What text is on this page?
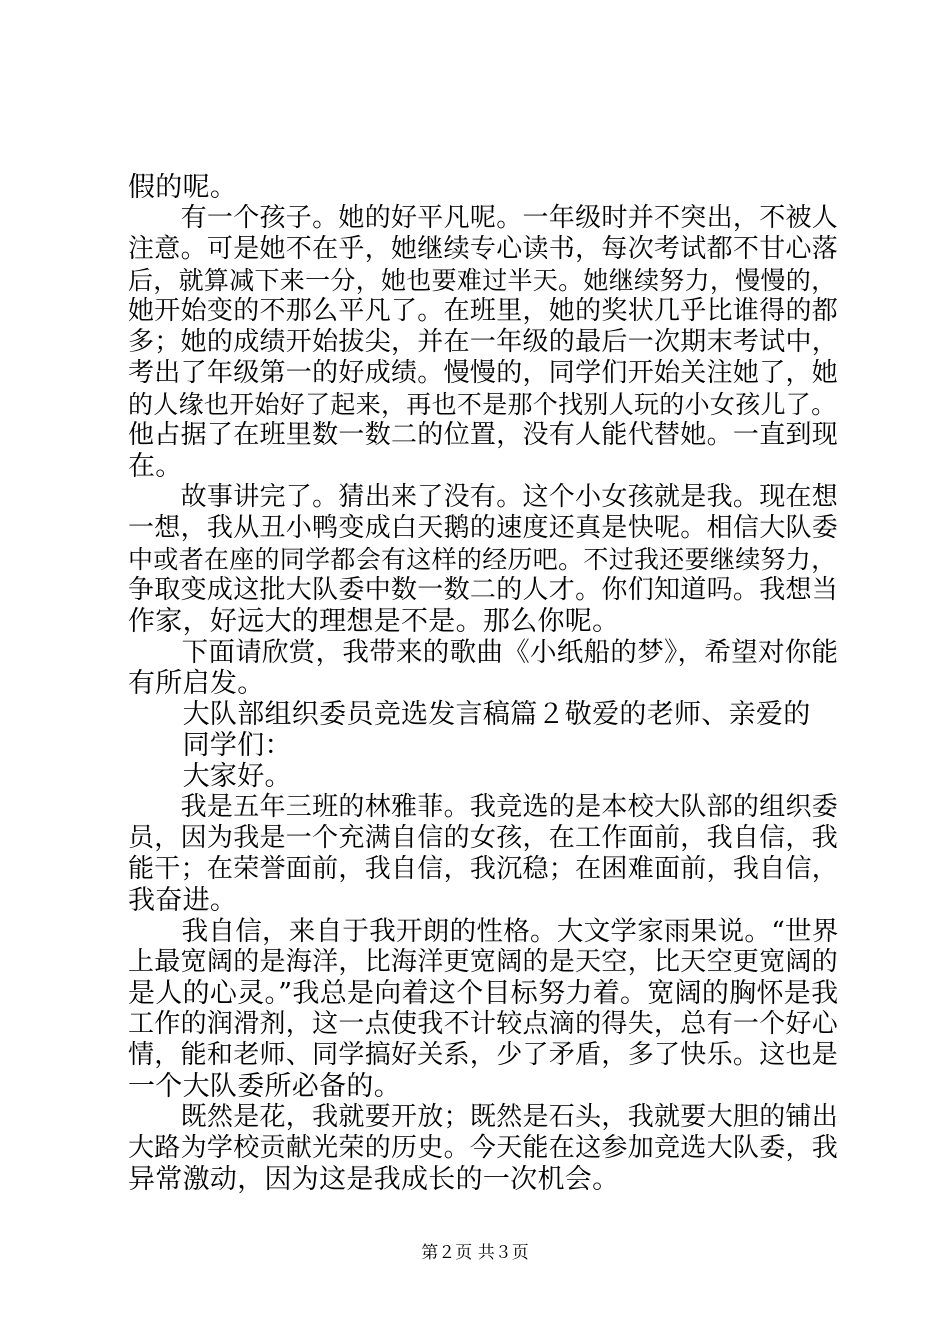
假的呢。
　　有一个孩子。她的好平凡呢。一年级时并不突出，不被人
注意。可是她不在乎，她继续专心读书，每次考试都不甘心落
后，就算减下来一分，她也要难过半天。她继续努力，慢慢的，
她开始变的不那么平凡了。在班里，她的奖状几乎比谁得的都
多；她的成绩开始拔尖，并在一年级的最后一次期末考试中，
考出了年级第一的好成绩。慢慢的，同学们开始关注她了，她
的人缘也开始好了起来，再也不是那个找别人玩的小女孩儿了。
他占据了在班里数一数二的位置，没有人能代替她。一直到现
在。
　　故事讲完了。猜出来了没有。这个小女孩就是我。现在想
一想，我从丑小鸭变成白天鹅的速度还真是快呢。相信大队委
中或者在座的同学都会有这样的经历吧。不过我还要继续努力，
争取变成这批大队委中数一数二的人才。你们知道吗。我想当
作家，好远大的理想是不是。那么你呢。
　　下面请欣赏，我带来的歌曲《小纸船的梦》，希望对你能
有所启发。
　　大队部组织委员竞选发言稿篇２敬爱的老师、亲爱的
　　同学们：
　　大家好。
　　我是五年三班的林雅菲。我竞选的是本校大队部的组织委
员，因为我是一个充满自信的女孩，在工作面前，我自信，我
能干；在荣誉面前，我自信，我沉稳；在困难面前，我自信，
我奋进。
　　我自信，来自于我开朗的性格。大文学家雨果说。“世界
上最宽阔的是海洋，比海洋更宽阔的是天空，比天空更宽阔的
是人的心灵。”我总是向着这个目标努力着。宽阔的胸怀是我
工作的润滑剂，这一点使我不计较点滴的得失，总有一个好心
情，能和老师、同学搞好关系，少了矛盾，多了快乐。这也是
一个大队委所必备的。
　　既然是花，我就要开放；既然是石头，我就要大胆的铺出
大路为学校贡献光荣的历史。今天能在这参加竞选大队委，我
异常激动，因为这是我成长的一次机会。
第２页 共３页
